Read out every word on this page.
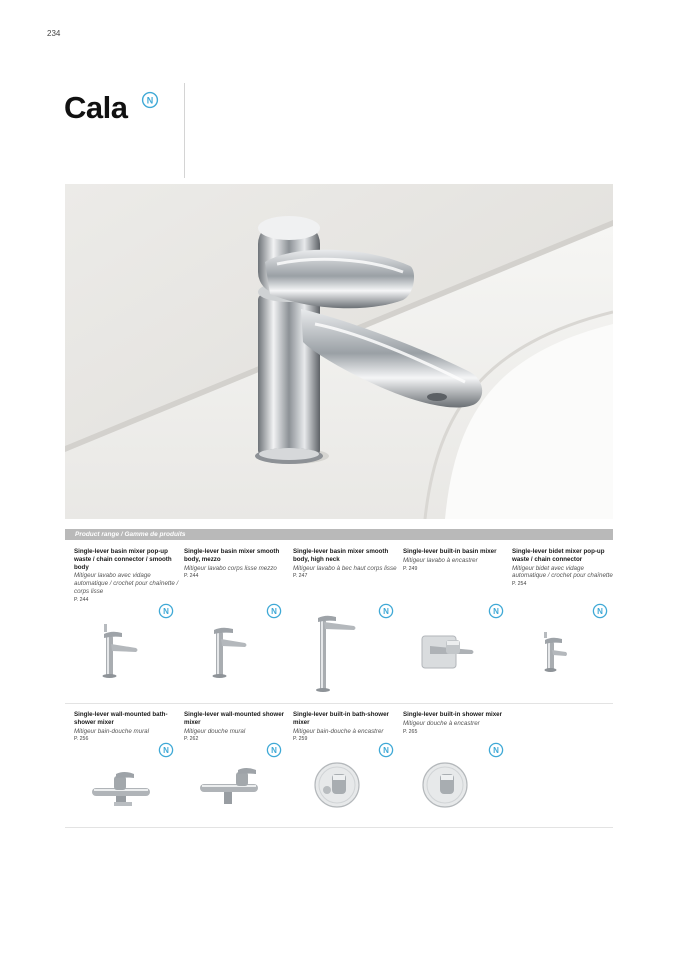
234
Cala N
Product range / Gamme de produits
Single-lever basin mixer pop-up waste / chain connector / smooth body
Mitigeur lavabo avec vidage automatique / crochet pour chaînette / corps lisse
P. 244
Single-lever basin mixer smooth body, mezzo
Mitigeur lavabo corps lisse mezzo
P. 244
Single-lever basin mixer smooth body, high neck
Mitigeur lavabo à bec haut corps lisse
P. 247
Single-lever built-in basin mixer
Mitigeur lavabo à encastrer
P. 249
Single-lever bidet mixer pop-up waste / chain connector
Mitigeur bidet avec vidage automatique / crochet pour chaînette
P. 254
N	N	N	N	N
Single-lever wall-mounted bath-shower mixer
Mitigeur bain-douche mural
P. 256
Single-lever wall-mounted shower mixer
Mitigeur douche mural
P. 262
Single-lever built-in bath-shower mixer
Mitigeur bain-douche à encastrer
P. 259
Single-lever built-in shower mixer
Mitigeur douche à encastrer
P. 265
N	N	N	N
